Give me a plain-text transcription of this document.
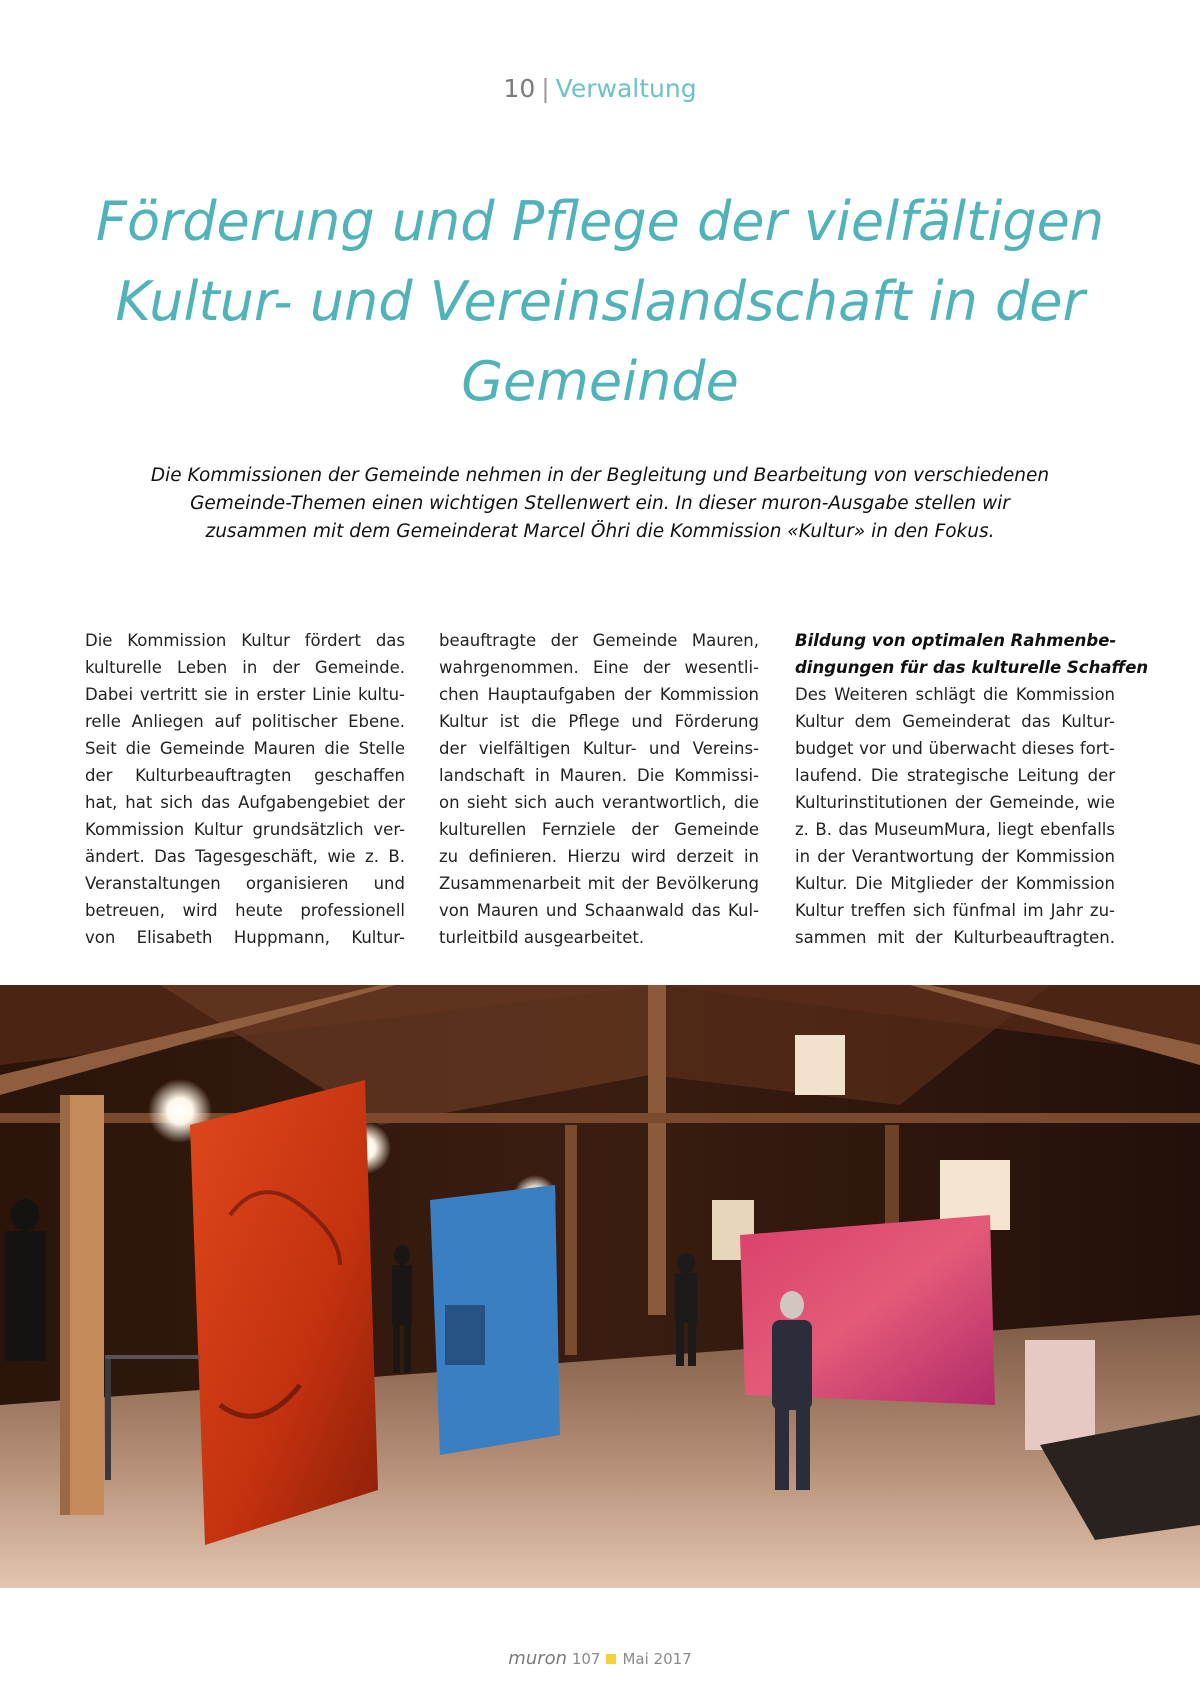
10 | Verwaltung
Förderung und Pflege der vielfältigen
Kultur- und Vereinslandschaft in der
Gemeinde
Die Kommissionen der Gemeinde nehmen in der Begleitung und Bearbeitung von verschiedenen
Gemeinde-Themen einen wichtigen Stellenwert ein. In dieser muron-Ausgabe stellen wir
zusammen mit dem Gemeinderat Marcel Öhri die Kommission «Kultur» in den Fokus.
Die Kommission Kultur fördert das
kulturelle Leben in der Gemeinde.
Dabei vertritt sie in erster Linie kultu-
relle Anliegen auf politischer Ebene.
Seit die Gemeinde Mauren die Stelle
der Kulturbeauftragten geschaffen
hat, hat sich das Aufgabengebiet der
Kommission Kultur grundsätzlich ver-
ändert. Das Tagesgeschäft, wie z. B.
Veranstaltungen organisieren und
betreuen, wird heute professionell
von Elisabeth Huppmann, Kultur-
beauftragte der Gemeinde Mauren,
wahrgenommen. Eine der wesentli-
chen Hauptaufgaben der Kommission
Kultur ist die Pflege und Förderung
der vielfältigen Kultur- und Vereins-
landschaft in Mauren. Die Kommissi-
on sieht sich auch verantwortlich, die
kulturellen Fernziele der Gemeinde
zu definieren. Hierzu wird derzeit in
Zusammenarbeit mit der Bevölkerung
von Mauren und Schaanwald das Kul-
turleitbild ausgearbeitet.
Bildung von optimalen Rahmenbe-
dingungen für das kulturelle Schaffen
Des Weiteren schlägt die Kommission
Kultur dem Gemeinderat das Kultur-
budget vor und überwacht dieses fort-
laufend. Die strategische Leitung der
Kulturinstitutionen der Gemeinde, wie
z. B. das MuseumMura, liegt ebenfalls
in der Verantwortung der Kommission
Kultur. Die Mitglieder der Kommission
Kultur treffen sich fünfmal im Jahr zu-
sammen mit der Kulturbeauftragten.
muron 107 Mai 2017
